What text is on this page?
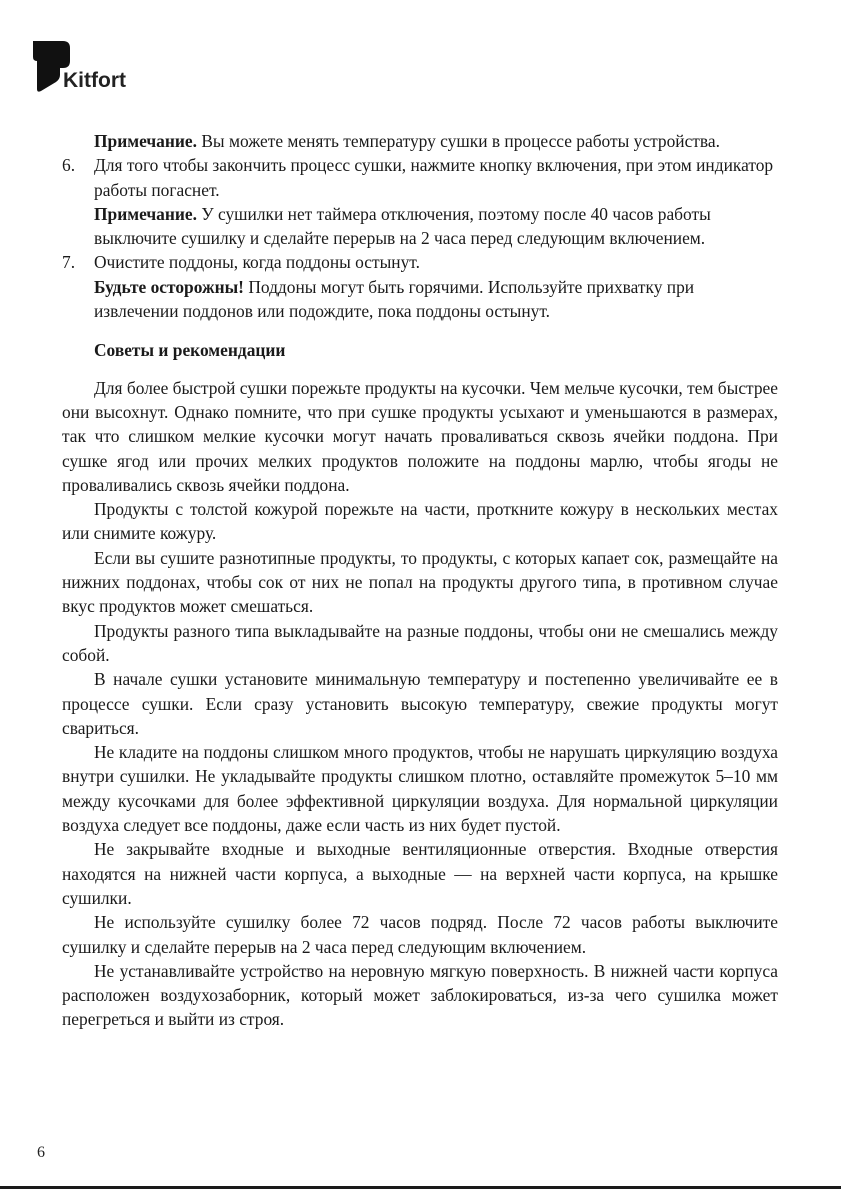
Kitfort

Примечание. Вы можете менять температуру сушки в процессе работы устройства.

6. Для того чтобы закончить процесс сушки, нажмите кнопку включения, при этом индикатор работы погаснет.

Примечание. У сушилки нет таймера отключения, поэтому после 40 часов работы выключите сушилку и сделайте перерыв на 2 часа перед следующим включением.

7. Очистите поддоны, когда поддоны остынут.

Будьте осторожны! Поддоны могут быть горячими. Используйте прихватку при извлечении поддонов или подождите, пока поддоны остынут.

Советы и рекомендации

Для более быстрой сушки порежьте продукты на кусочки. Чем мельче кусочки, тем быстрее они высохнут. Однако помните, что при сушке продукты усыхают и уменьшаются в размерах, так что слишком мелкие кусочки могут начать проваливаться сквозь ячейки поддона. При сушке ягод или прочих мелких продуктов положите на поддоны марлю, чтобы ягоды не проваливались сквозь ячейки поддона.

Продукты с толстой кожурой порежьте на части, проткните кожуру в нескольких местах или снимите кожуру.

Если вы сушите разнотипные продукты, то продукты, с которых капает сок, размещайте на нижних поддонах, чтобы сок от них не попал на продукты другого типа, в противном случае вкус продуктов может смешаться.

Продукты разного типа выкладывайте на разные поддоны, чтобы они не смешались между собой.

В начале сушки установите минимальную температуру и постепенно увеличивайте ее в процессе сушки. Если сразу установить высокую температуру, свежие продукты могут свариться.

Не кладите на поддоны слишком много продуктов, чтобы не нарушать циркуляцию воздуха внутри сушилки. Не укладывайте продукты слишком плотно, оставляйте промежуток 5–10 мм между кусочками для более эффективной циркуляции воздуха. Для нормальной циркуляции воздуха следует все поддоны, даже если часть из них будет пустой.

Не закрывайте входные и выходные вентиляционные отверстия. Входные отверстия находятся на нижней части корпуса, а выходные — на верхней части корпуса, на крышке сушилки.

Не используйте сушилку более 72 часов подряд. После 72 часов работы выключите сушилку и сделайте перерыв на 2 часа перед следующим включением.

Не устанавливайте устройство на неровную мягкую поверхность. В нижней части корпуса расположен воздухозаборник, который может заблокироваться, из-за чего сушилка может перегреться и выйти из строя.

6
